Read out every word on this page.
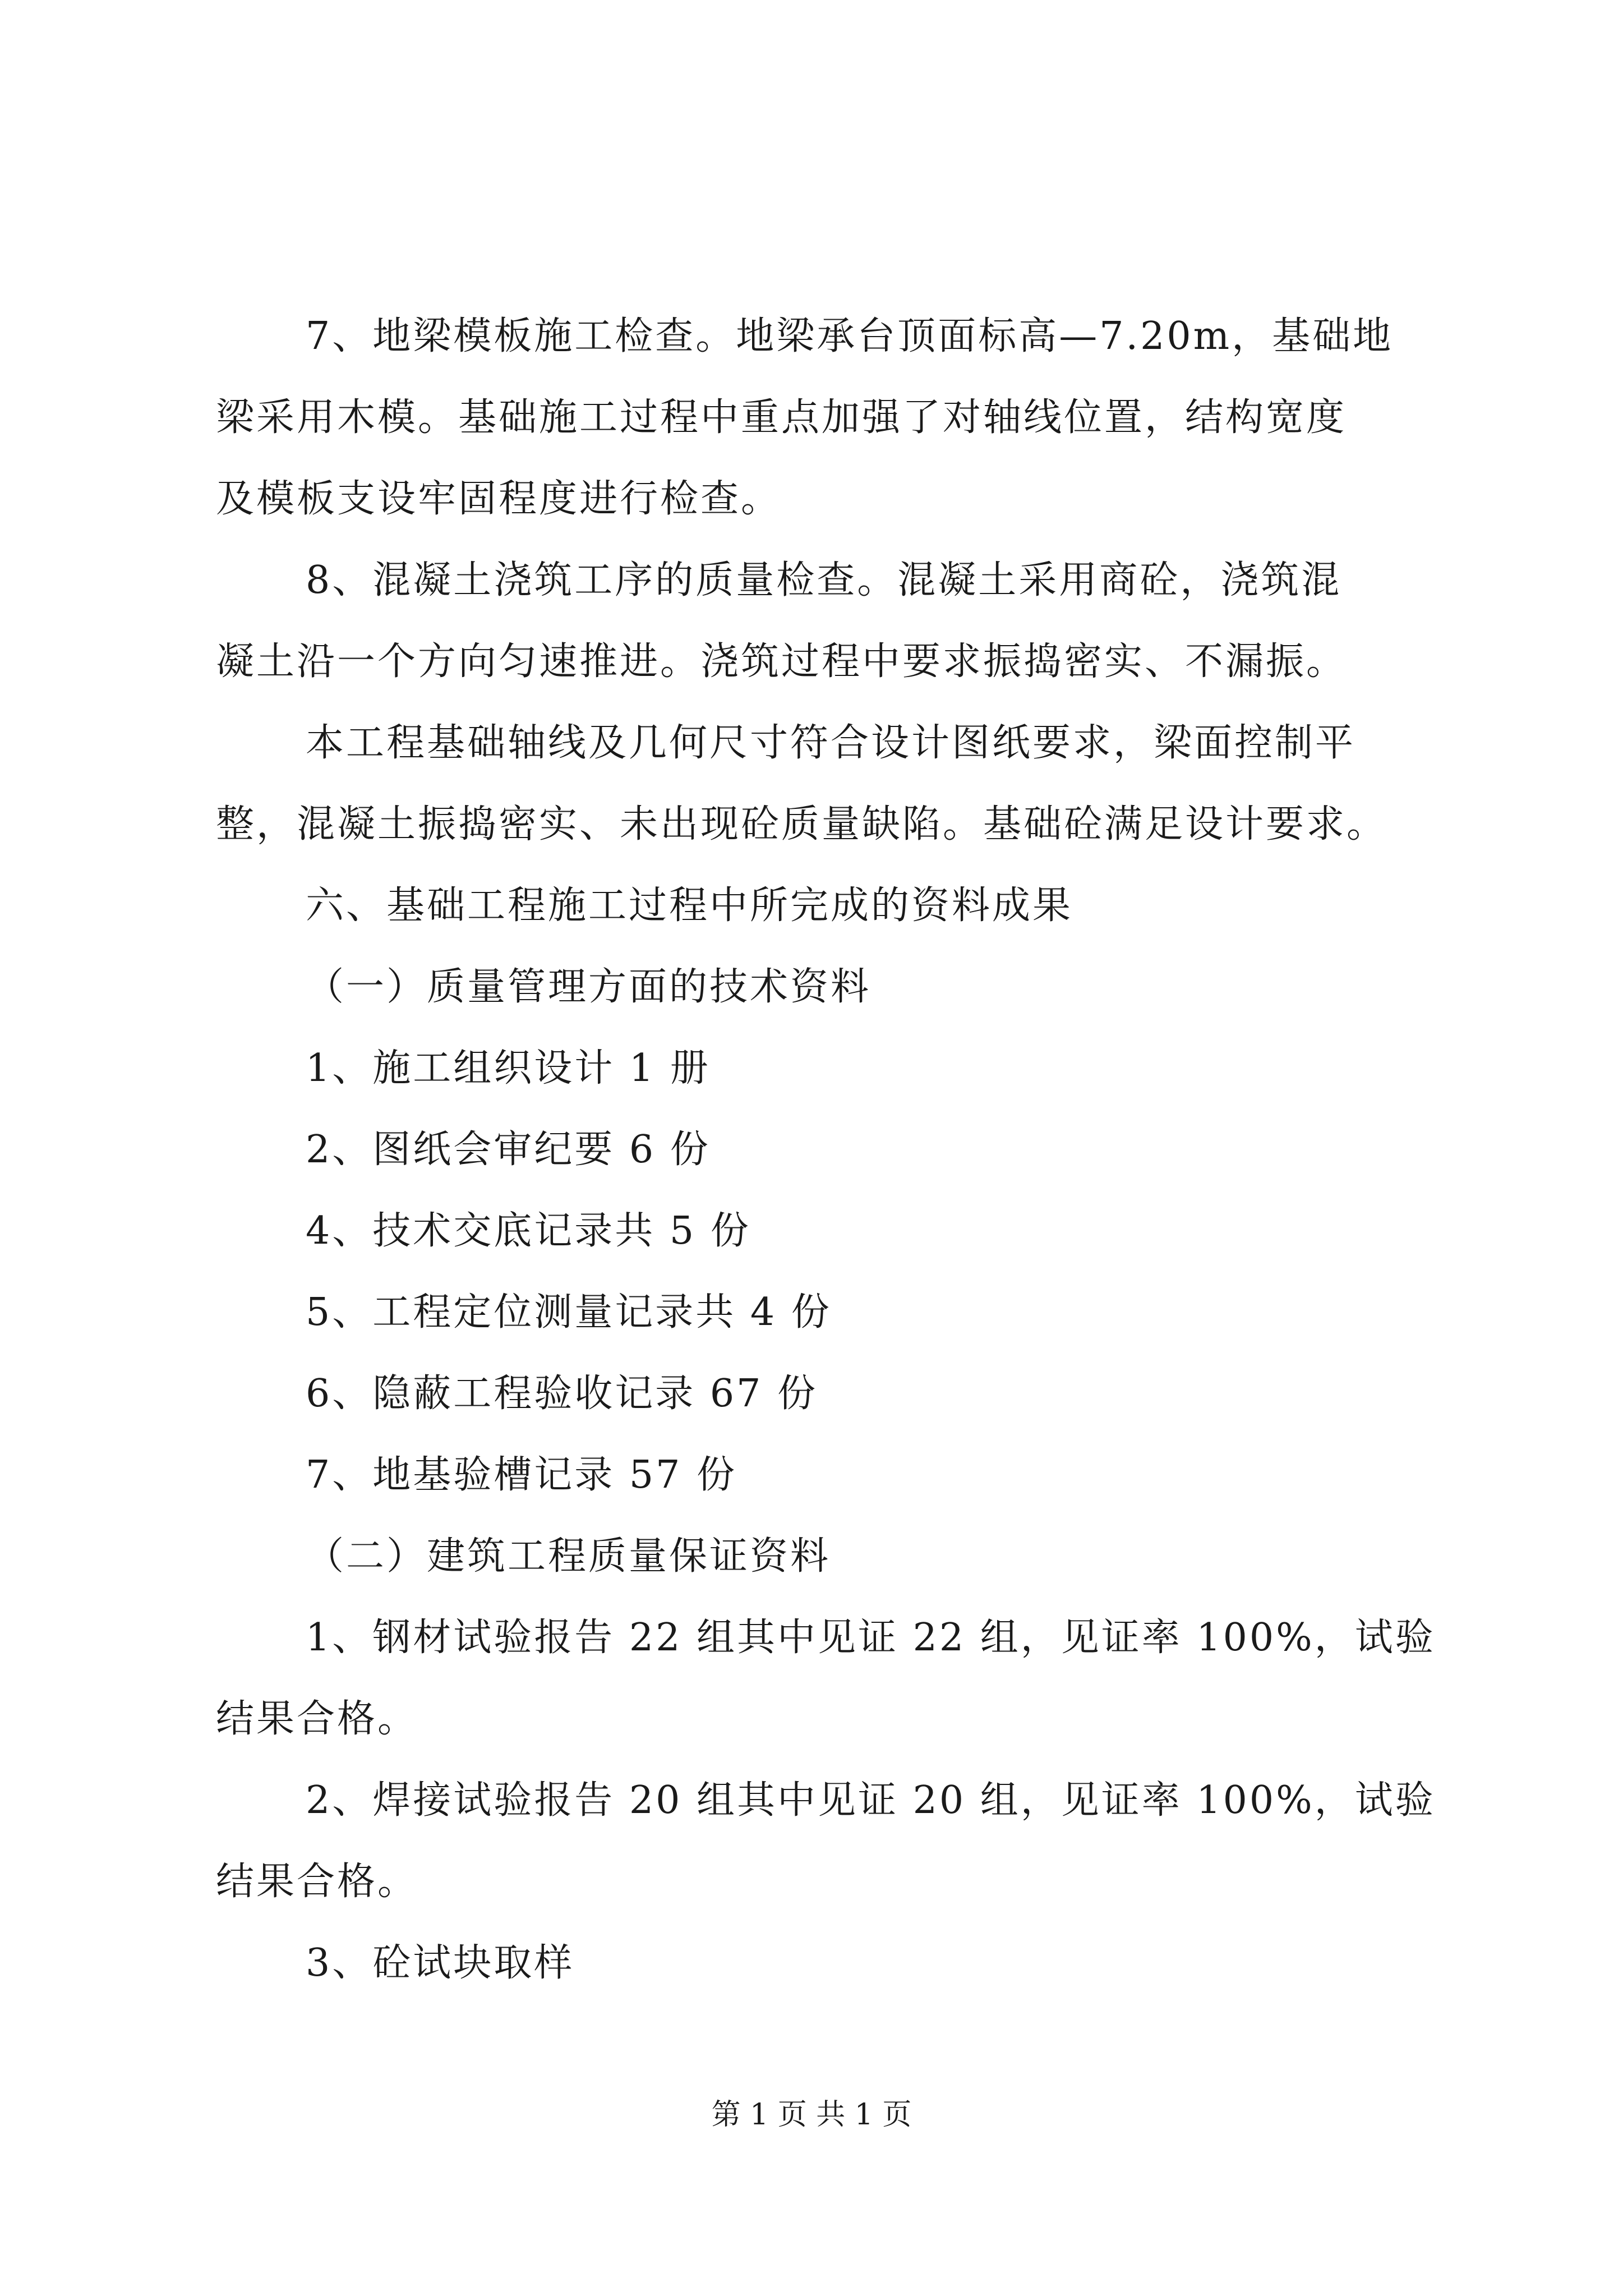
7、地梁模板施工检查。地梁承台顶面标高—7.20m，基础地
梁采用木模。基础施工过程中重点加强了对轴线位置，结构宽度
及模板支设牢固程度进行检查。
8、混凝土浇筑工序的质量检查。混凝土采用商砼，浇筑混
凝土沿一个方向匀速推进。浇筑过程中要求振捣密实、不漏振。
本工程基础轴线及几何尺寸符合设计图纸要求，梁面控制平
整，混凝土振捣密实、未出现砼质量缺陷。基础砼满足设计要求。
六、基础工程施工过程中所完成的资料成果
（一）质量管理方面的技术资料
1、施工组织设计 1 册
2、图纸会审纪要 6 份
4、技术交底记录共 5 份
5、工程定位测量记录共 4 份
6、隐蔽工程验收记录 67 份
7、地基验槽记录 57 份
（二）建筑工程质量保证资料
1、钢材试验报告 22 组其中见证 22 组，见证率 100%，试验
结果合格。
2、焊接试验报告 20 组其中见证 20 组，见证率 100%，试验
结果合格。
3、砼试块取样
第 1 页 共 1 页
